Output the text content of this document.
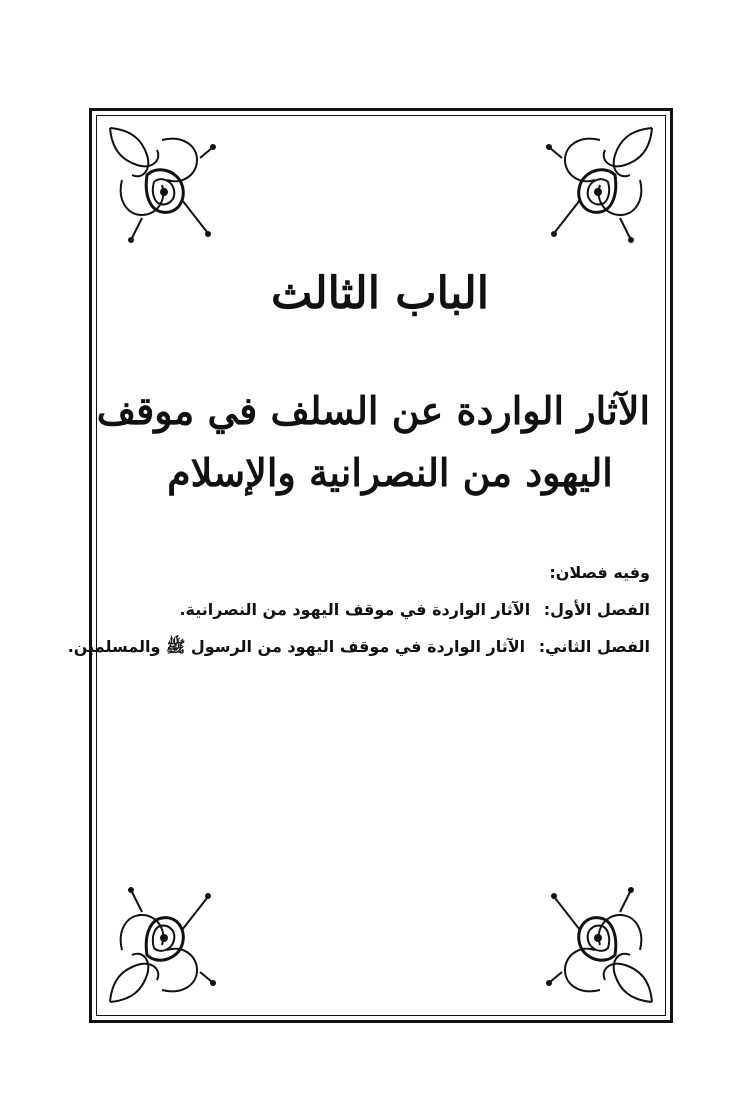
الباب الثالث
الآثار الواردة عن السلف في موقف
اليهود من النصرانية والإسلام
وفيه فصلان:
الفصل الأول: الآثار الواردة في موقف اليهود من النصرانية.
الفصل الثاني: الآثار الواردة في موقف اليهود من الرسول ﷺ والمسلمين.
